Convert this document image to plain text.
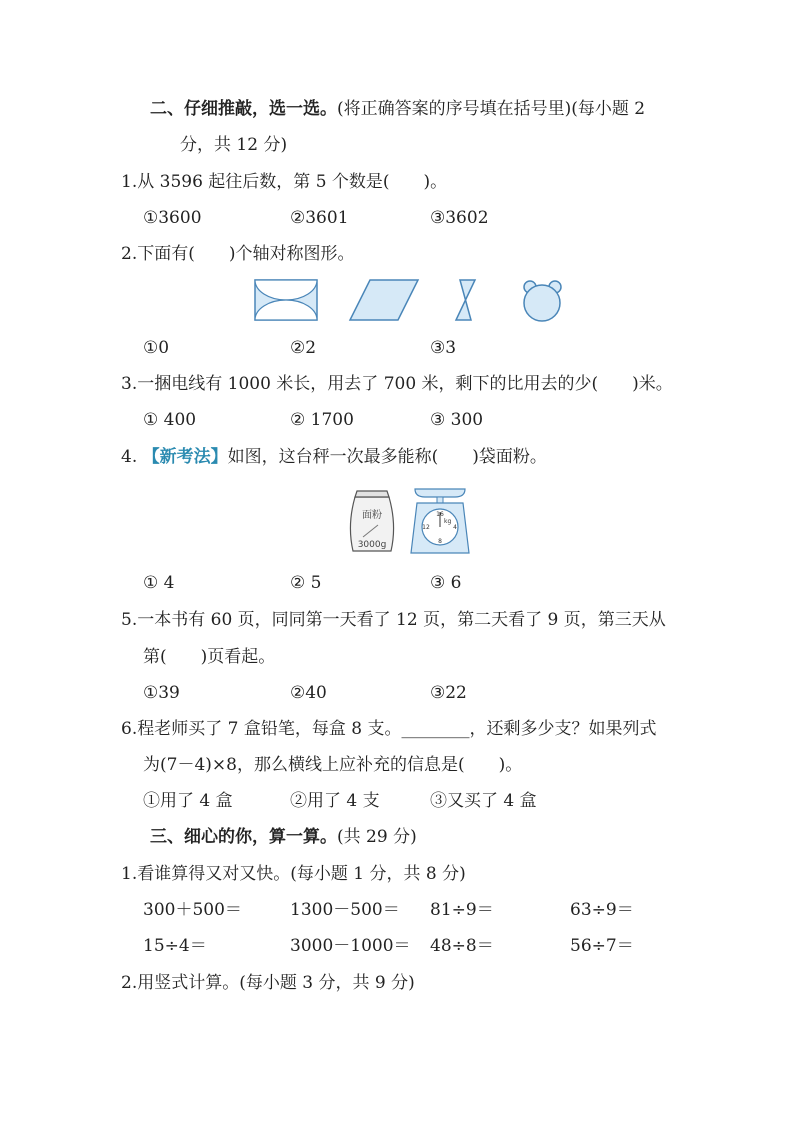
二、仔细推敲，选一选。(将正确答案的序号填在括号里)(每小题 2
分，共 12 分)
1.从 3596 起往后数，第 5 个数是(　　)。
①3600	②3601	③3602
2.下面有(　　)个轴对称图形。
①0	②2	③3
3.一捆电线有 1000 米长，用去了 700 米，剩下的比用去的少(　　)米。
① 400	② 1700	③ 300
4. 【新考法】如图，这台秤一次最多能称(　　)袋面粉。
面粉
3000g
16
4
8
12
kg
① 4	② 5	③ 6
5.一本书有 60 页，同同第一天看了 12 页，第二天看了 9 页，第三天从
第(　　)页看起。
①39	②40	③22
6.程老师买了 7 盒铅笔，每盒 8 支。________，还剩多少支？如果列式
为(7－4)×8，那么横线上应补充的信息是(　　)。
①用了 4 盒	②用了 4 支	③又买了 4 盒
三、细心的你，算一算。(共 29 分)
1.看谁算得又对又快。(每小题 1 分，共 8 分)
300＋500＝	1300－500＝ 81÷9＝	63÷9＝
15÷4＝	3000－1000＝ 48÷8＝	56÷7＝
2.用竖式计算。(每小题 3 分，共 9 分)
